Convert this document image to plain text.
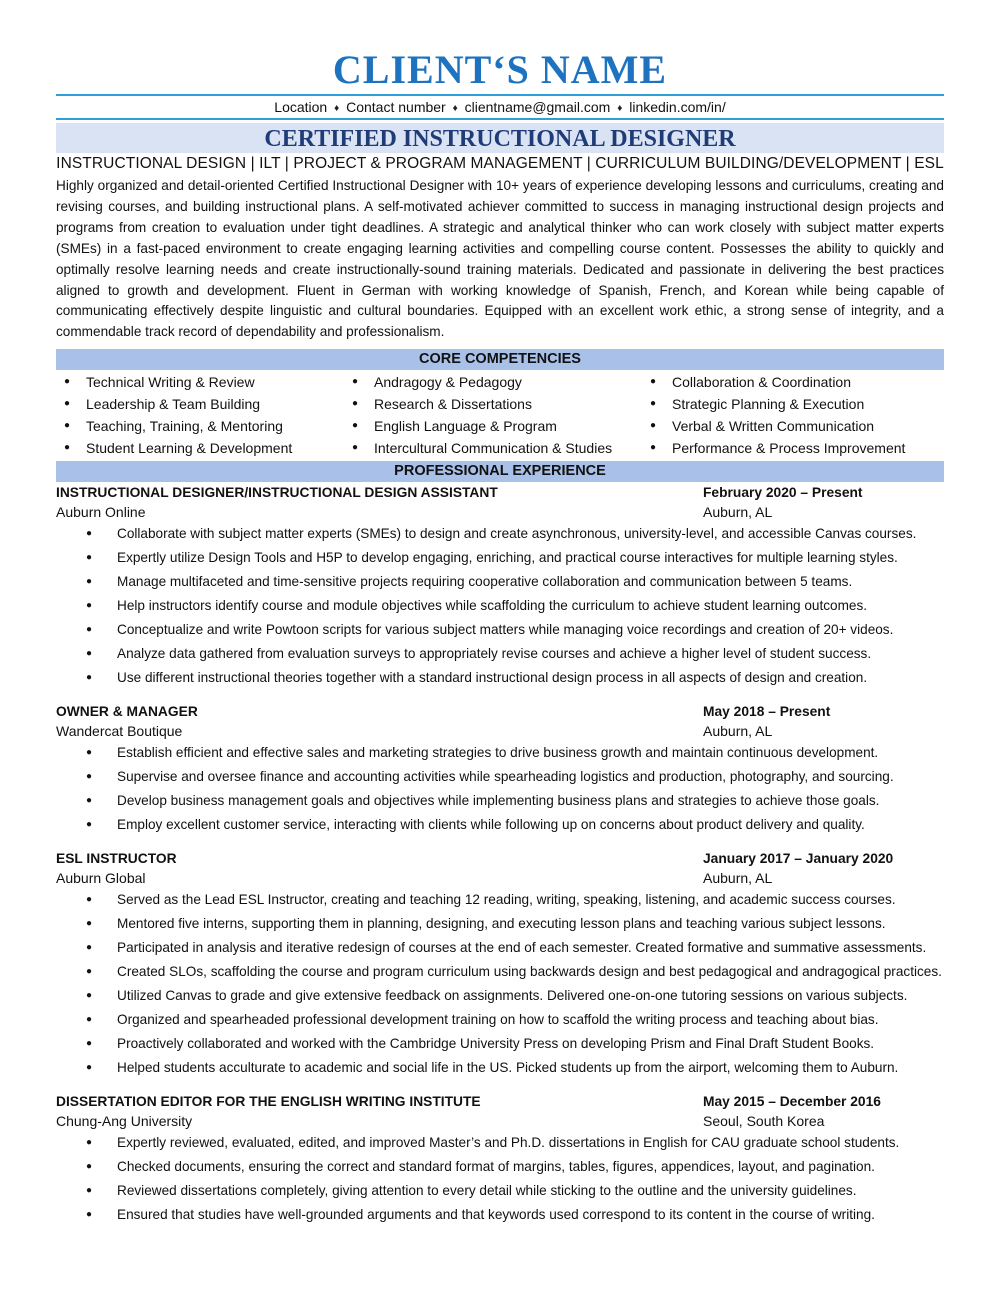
CLIENT‘S NAME
Location ♦ Contact number ♦ clientname@gmail.com ♦ linkedin.com/in/
CERTIFIED INSTRUCTIONAL DESIGNER
INSTRUCTIONAL DESIGN | ILT | PROJECT & PROGRAM MANAGEMENT | CURRICULUM BUILDING/DEVELOPMENT | ESL
Highly organized and detail-oriented Certified Instructional Designer with 10+ years of experience developing lessons and curriculums, creating and revising courses, and building instructional plans. A self-motivated achiever committed to success in managing instructional design projects and programs from creation to evaluation under tight deadlines. A strategic and analytical thinker who can work closely with subject matter experts (SMEs) in a fast-paced environment to create engaging learning activities and compelling course content. Possesses the ability to quickly and optimally resolve learning needs and create instructionally-sound training materials. Dedicated and passionate in delivering the best practices aligned to growth and development. Fluent in German with working knowledge of Spanish, French, and Korean while being capable of communicating effectively despite linguistic and cultural boundaries. Equipped with an excellent work ethic, a strong sense of integrity, and a commendable track record of dependability and professionalism.
CORE COMPETENCIES
● Technical Writing & Review
● Leadership & Team Building
● Teaching, Training, & Mentoring
● Student Learning & Development
● Andragogy & Pedagogy
● Research & Dissertations
● English Language & Program
● Intercultural Communication & Studies
● Collaboration & Coordination
● Strategic Planning & Execution
● Verbal & Written Communication
● Performance & Process Improvement
PROFESSIONAL EXPERIENCE
INSTRUCTIONAL DESIGNER/INSTRUCTIONAL DESIGN ASSISTANT	February 2020 – Present
Auburn Online	Auburn, AL
● Collaborate with subject matter experts (SMEs) to design and create asynchronous, university-level, and accessible Canvas courses.
● Expertly utilize Design Tools and H5P to develop engaging, enriching, and practical course interactives for multiple learning styles.
● Manage multifaceted and time-sensitive projects requiring cooperative collaboration and communication between 5 teams.
● Help instructors identify course and module objectives while scaffolding the curriculum to achieve student learning outcomes.
● Conceptualize and write Powtoon scripts for various subject matters while managing voice recordings and creation of 20+ videos.
● Analyze data gathered from evaluation surveys to appropriately revise courses and achieve a higher level of student success.
● Use different instructional theories together with a standard instructional design process in all aspects of design and creation.
OWNER & MANAGER	May 2018 – Present
Wandercat Boutique	Auburn, AL
● Establish efficient and effective sales and marketing strategies to drive business growth and maintain continuous development.
● Supervise and oversee finance and accounting activities while spearheading logistics and production, photography, and sourcing.
● Develop business management goals and objectives while implementing business plans and strategies to achieve those goals.
● Employ excellent customer service, interacting with clients while following up on concerns about product delivery and quality.
ESL INSTRUCTOR	January 2017 – January 2020
Auburn Global	Auburn, AL
● Served as the Lead ESL Instructor, creating and teaching 12 reading, writing, speaking, listening, and academic success courses.
● Mentored five interns, supporting them in planning, designing, and executing lesson plans and teaching various subject lessons.
● Participated in analysis and iterative redesign of courses at the end of each semester. Created formative and summative assessments.
● Created SLOs, scaffolding the course and program curriculum using backwards design and best pedagogical and andragogical practices.
● Utilized Canvas to grade and give extensive feedback on assignments. Delivered one-on-one tutoring sessions on various subjects.
● Organized and spearheaded professional development training on how to scaffold the writing process and teaching about bias.
● Proactively collaborated and worked with the Cambridge University Press on developing Prism and Final Draft Student Books.
● Helped students acculturate to academic and social life in the US. Picked students up from the airport, welcoming them to Auburn.
DISSERTATION EDITOR FOR THE ENGLISH WRITING INSTITUTE	May 2015 – December 2016
Chung-Ang University	Seoul, South Korea
● Expertly reviewed, evaluated, edited, and improved Master’s and Ph.D. dissertations in English for CAU graduate school students.
● Checked documents, ensuring the correct and standard format of margins, tables, figures, appendices, layout, and pagination.
● Reviewed dissertations completely, giving attention to every detail while sticking to the outline and the university guidelines.
● Ensured that studies have well-grounded arguments and that keywords used correspond to its content in the course of writing.
